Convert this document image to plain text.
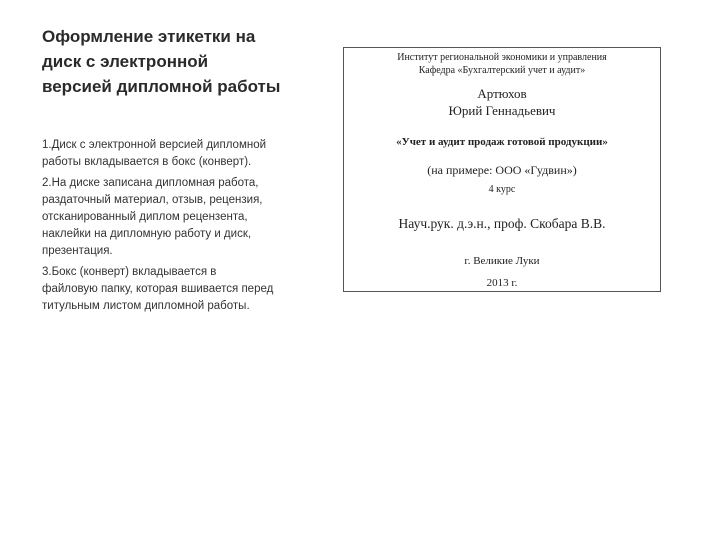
Оформление этикетки на диск с электронной версией дипломной работы

1.Диск с электронной версией дипломной работы вкладывается в бокс (конверт).

2.На диске записана дипломная работа, раздаточный материал, отзыв, рецензия, отсканированный диплом рецензента, наклейки на дипломную работу и диск, презентация.

3.Бокс (конверт) вкладывается в файловую папку, которая вшивается перед титульным листом дипломной работы.

Институт региональной экономики и управления
Кафедра «Бухгалтерский учет и аудит»
Артюхов
Юрий Геннадьевич
«Учет и аудит продаж готовой продукции»
(на примере: ООО «Гудвин»)
4 курс
Науч.рук. д.э.н., проф. Скобара В.В.
г. Великие Луки
2013 г.
